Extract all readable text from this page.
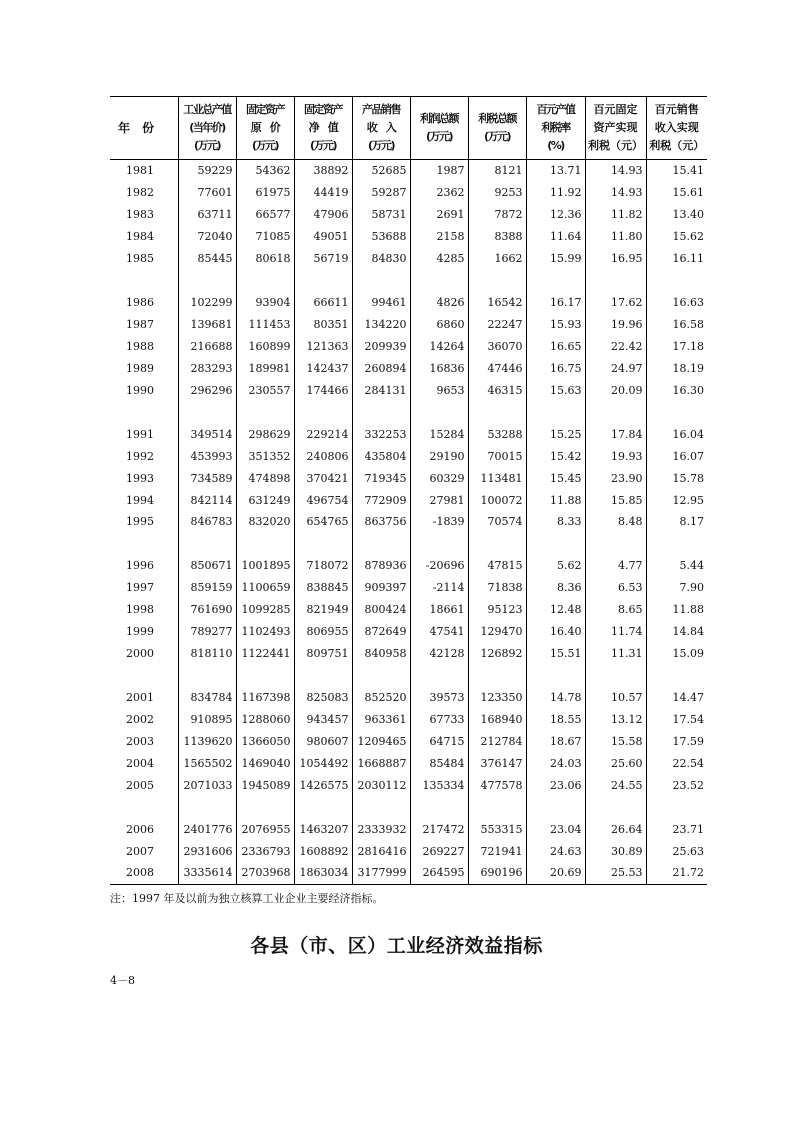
年　份	工业总产值
(当年价)
(万元)	固定资产
原　价
(万元)	固定资产
净　值
(万元)	产品销售
收　入
(万元)	利润总额
(万元)	利税总额
(万元)	百元产值
利税率
(%)	百元固定
资产实现
利税（元）	百元销售
收入实现
利税（元）

1981	59229	54362	38892	52685	1987	8121	13.71	14.93	15.41
1982	77601	61975	44419	59287	2362	9253	11.92	14.93	15.61
1983	63711	66577	47906	58731	2691	7872	12.36	11.82	13.40
1984	72040	71085	49051	53688	2158	8388	11.64	11.80	15.62
1985	85445	80618	56719	84830	4285	1662	15.99	16.95	16.11

1986	102299	93904	66611	99461	4826	16542	16.17	17.62	16.63
1987	139681	111453	80351	134220	6860	22247	15.93	19.96	16.58
1988	216688	160899	121363	209939	14264	36070	16.65	22.42	17.18
1989	283293	189981	142437	260894	16836	47446	16.75	24.97	18.19
1990	296296	230557	174466	284131	9653	46315	15.63	20.09	16.30

1991	349514	298629	229214	332253	15284	53288	15.25	17.84	16.04
1992	453993	351352	240806	435804	29190	70015	15.42	19.93	16.07
1993	734589	474898	370421	719345	60329	113481	15.45	23.90	15.78
1994	842114	631249	496754	772909	27981	100072	11.88	15.85	12.95
1995	846783	832020	654765	863756	-1839	70574	8.33	8.48	8.17

1996	850671	1001895	718072	878936	-20696	47815	5.62	4.77	5.44
1997	859159	1100659	838845	909397	-2114	71838	8.36	6.53	7.90
1998	761690	1099285	821949	800424	18661	95123	12.48	8.65	11.88
1999	789277	1102493	806955	872649	47541	129470	16.40	11.74	14.84
2000	818110	1122441	809751	840958	42128	126892	15.51	11.31	15.09

2001	834784	1167398	825083	852520	39573	123350	14.78	10.57	14.47
2002	910895	1288060	943457	963361	67733	168940	18.55	13.12	17.54
2003	1139620	1366050	980607	1209465	64715	212784	18.67	15.58	17.59
2004	1565502	1469040	1054492	1668887	85484	376147	24.03	25.60	22.54
2005	2071033	1945089	1426575	2030112	135334	477578	23.06	24.55	23.52

2006	2401776	2076955	1463207	2333932	217472	553315	23.04	26.64	23.71
2007	2931606	2336793	1608892	2816416	269227	721941	24.63	30.89	25.63
2008	3335614	2703968	1863034	3177999	264595	690196	20.69	25.53	21.72
注：1997 年及以前为独立核算工业企业主要经济指标。
各县（市、区）工业经济效益指标
4－8
